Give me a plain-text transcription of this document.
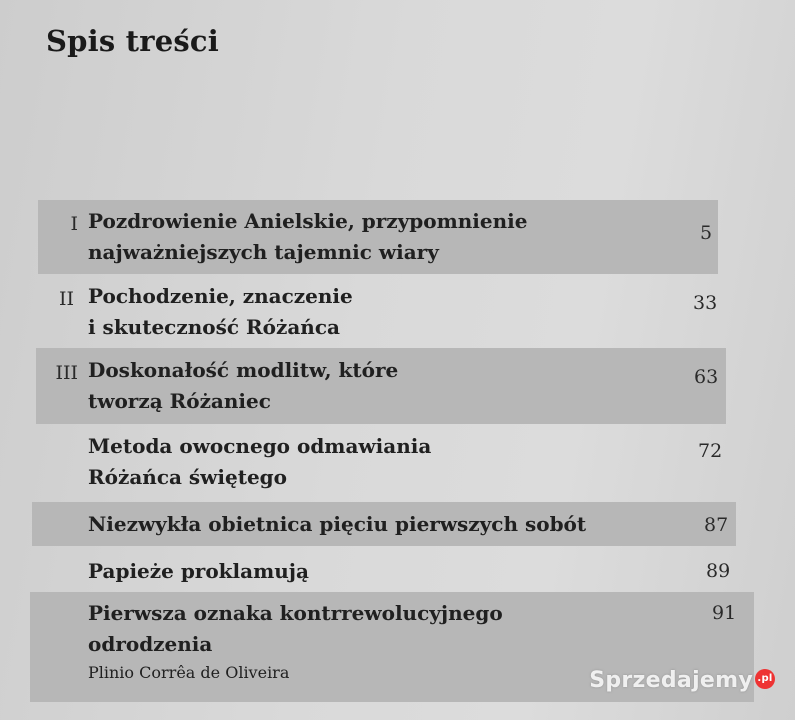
Spis treści
I Pozdrowienie Anielskie, przypomnienie
najważniejszych tajemnic wiary
5
II Pochodzenie, znaczenie
i skuteczność Różańca
33
III Doskonałość modlitw, które
tworzą Różaniec
63
Metoda owocnego odmawiania
Różańca świętego
72
Niezwykła obietnica pięciu pierwszych sobót	87
Papieże proklamują	89
Pierwsza oznaka kontrrewolucyjnego
odrodzenia
Plinio Corrêa de Oliveira
91
Sprzedajemy .pl
